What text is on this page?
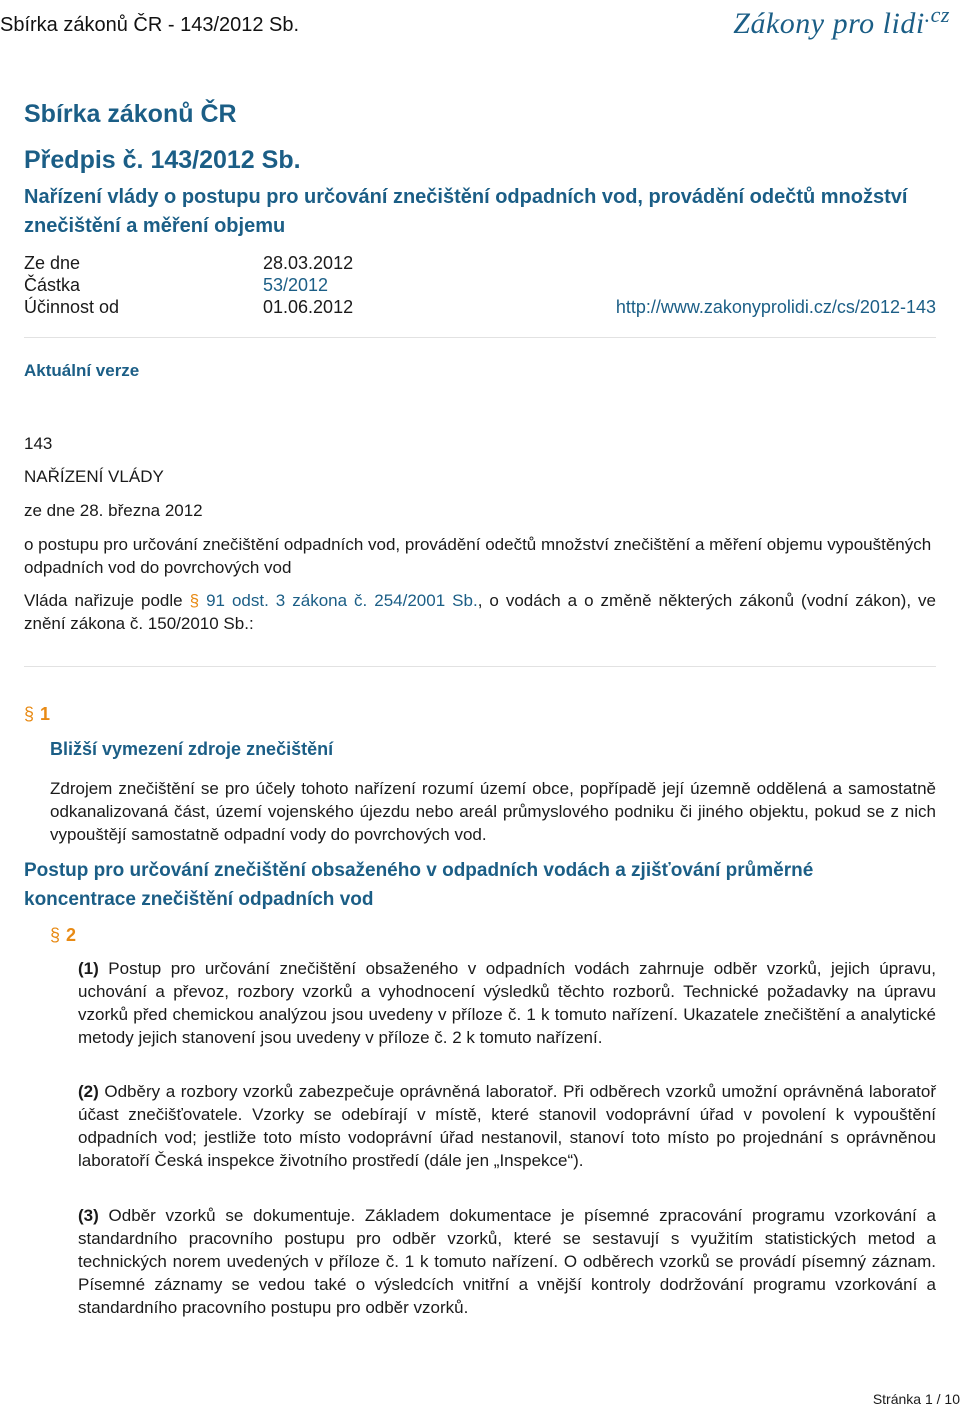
Sbírka zákonů ČR - 143/2012 Sb.	Zákony pro lidi$^{.cz}$
Sbírka zákonů ČR
Předpis č. 143/2012 Sb.
Nařízení vlády o postupu pro určování znečištění odpadních vod, provádění odečtů množství znečištění a měření objemu
Ze dne	28.03.2012
Částka	53/2012
Účinnost od	01.06.2012	http://www.zakonyprolidi.cz/cs/2012-143
Aktuální verze
143
NAŘÍZENÍ VLÁDY
ze dne 28. března 2012
o postupu pro určování znečištění odpadních vod, provádění odečtů množství znečištění a měření objemu vypouštěných odpadních vod do povrchových vod
Vláda nařizuje podle § 91 odst. 3 zákona č. 254/2001 Sb., o vodách a o změně některých zákonů (vodní zákon), ve znění zákona č. 150/2010 Sb.:
§ 1
Bližší vymezení zdroje znečištění
Zdrojem znečištění se pro účely tohoto nařízení rozumí území obce, popřípadě její územně oddělená a samostatně odkanalizovaná část, území vojenského újezdu nebo areál průmyslového podniku či jiného objektu, pokud se z nich vypouštějí samostatně odpadní vody do povrchových vod.
Postup pro určování znečištění obsaženého v odpadních vodách a zjišťování průměrné koncentrace znečištění odpadních vod
§ 2
(1) Postup pro určování znečištění obsaženého v odpadních vodách zahrnuje odběr vzorků, jejich úpravu, uchování a převoz, rozbory vzorků a vyhodnocení výsledků těchto rozborů. Technické požadavky na úpravu vzorků před chemickou analýzou jsou uvedeny v příloze č. 1 k tomuto nařízení. Ukazatele znečištění a analytické metody jejich stanovení jsou uvedeny v příloze č. 2 k tomuto nařízení.
(2) Odběry a rozbory vzorků zabezpečuje oprávněná laboratoř. Při odběrech vzorků umožní oprávněná laboratoř účast znečišťovatele. Vzorky se odebírají v místě, které stanovil vodoprávní úřad v povolení k vypouštění odpadních vod; jestliže toto místo vodoprávní úřad nestanovil, stanoví toto místo po projednání s oprávněnou laboratoří Česká inspekce životního prostředí (dále jen „Inspekce“).
(3) Odběr vzorků se dokumentuje. Základem dokumentace je písemné zpracování programu vzorkování a standardního pracovního postupu pro odběr vzorků, které se sestavují s využitím statistických metod a technických norem uvedených v příloze č. 1 k tomuto nařízení. O odběrech vzorků se provádí písemný záznam. Písemné záznamy se vedou také o výsledcích vnitřní a vnější kontroly dodržování programu vzorkování a standardního pracovního postupu pro odběr vzorků.
Stránka 1 / 10
